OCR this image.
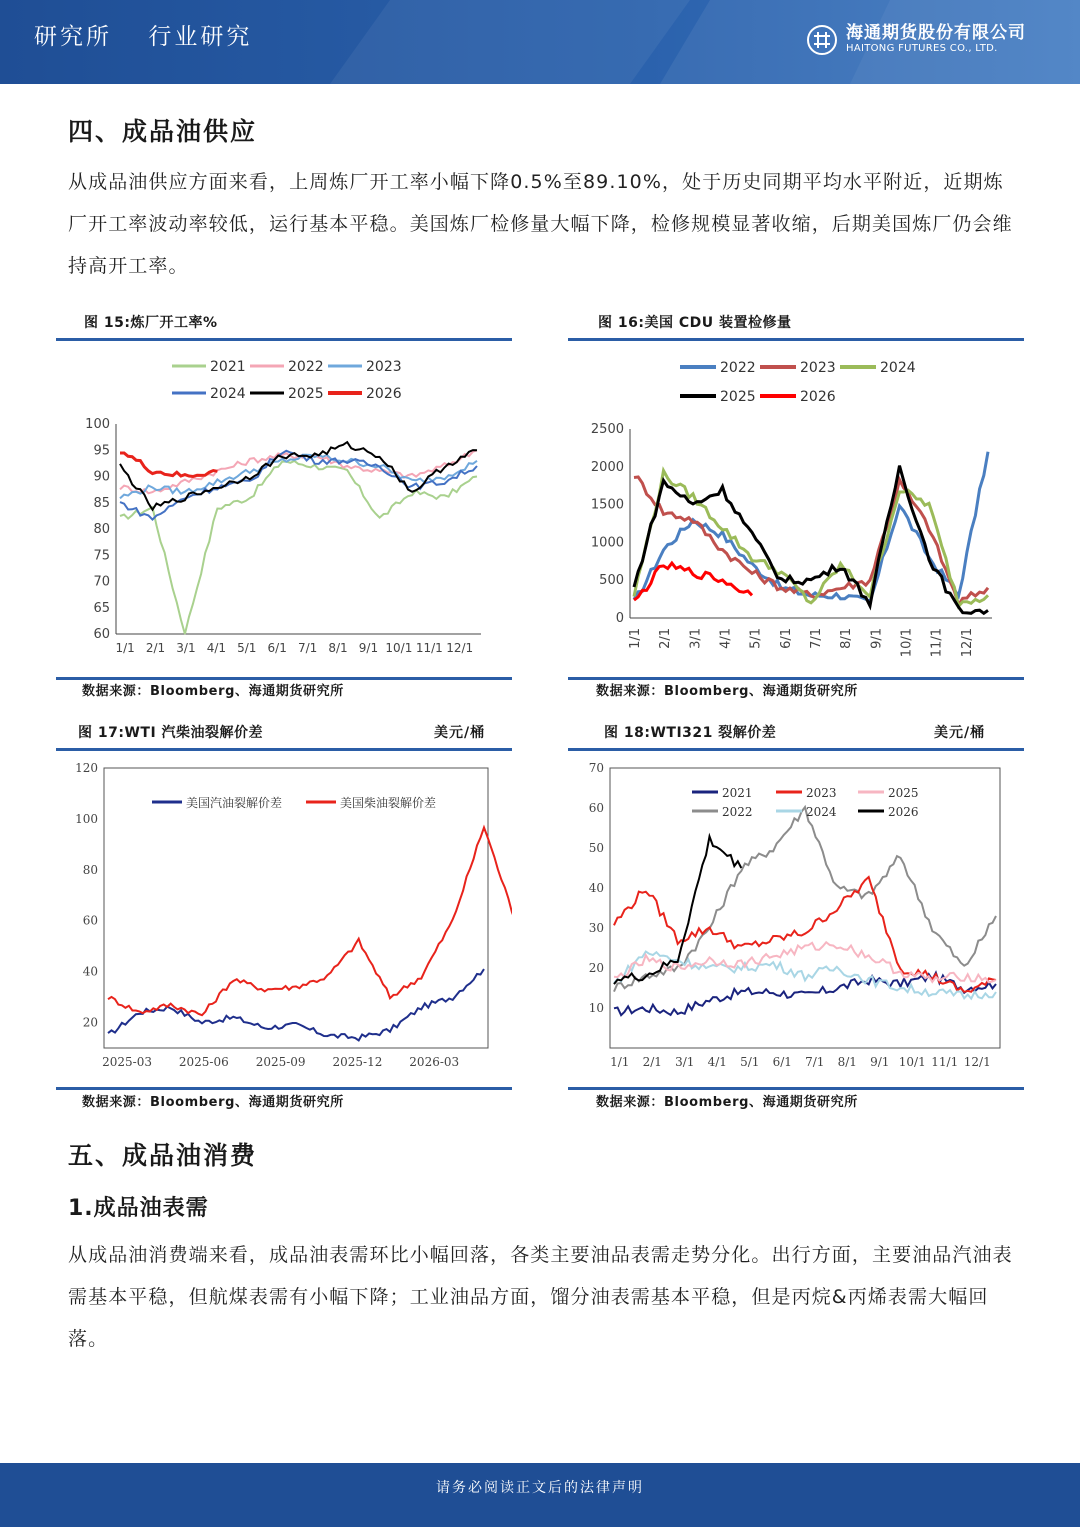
研究所 行业研究	海通期货股份有限公司
HAITONG FUTURES CO., LTD.
四、成品油供应
从成品油供应方面来看，上周炼厂开工率小幅下降0.5%至89.10%，处于历史同期平均水平附近，近期炼厂开工率波动率较低，运行基本平稳。美国炼厂检修量大幅下降，检修规模显著收缩，后期美国炼厂仍会维持高开工率。
图 15:炼厂开工率%
60
65
70
75
80
85
90
95
100
1/1 2/1 3/1 4/1 5/1 6/1 7/1 8/1 9/1 10/1 11/1 12/1
2021	2022	2023
2024	2025	2026
数据来源：Bloomberg、海通期货研究所
图 16:美国 CDU 装置检修量
0
500
1000
1500
2000
2500
1/1 2/1 3/1 4/1 5/1 6/1 7/1 8/1 9/1 10/1 11/1 12/1
2022	2023	2024
2025	2026
数据来源：Bloomberg、海通期货研究所
图 17:WTI 汽柴油裂解价差	美元/桶
20
40
60
80
100
120
2025-03 2025-06 2025-09 2025-12 2026-03
美国汽油裂解价差	美国柴油裂解价差
数据来源：Bloomberg、海通期货研究所
图 18:WTI321 裂解价差	美元/桶
10
20
30
40
50
60
70
1/1 2/1 3/1 4/1 5/1 6/1 7/1 8/1 9/1 10/1 11/1 12/1
2021
2022
2023
2024
2025
2026
数据来源：Bloomberg、海通期货研究所
五、成品油消费
1.成品油表需
从成品油消费端来看，成品油表需环比小幅回落，各类主要油品表需走势分化。出行方面，主要油品汽油表需基本平稳，但航煤表需有小幅下降；工业油品方面，馏分油表需基本平稳，但是丙烷&丙烯表需大幅回落。
请务必阅读正文后的法律声明
